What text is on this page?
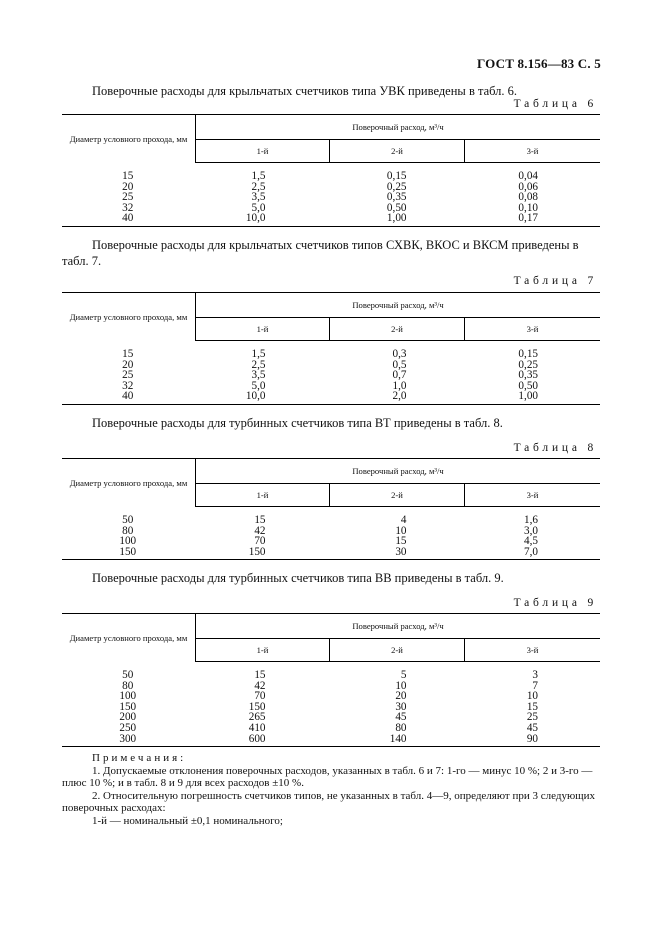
ГОСТ 8.156—83 С. 5
Поверочные расходы для крыльчатых счетчиков типа УВК приведены в табл. 6.
Таблица 6
Диаметр условного прохода, мм	Поверочный расход, м³/ч		
	1-й	2-й	3-й
15	1,5	0,15	0,04
20	2,5	0,25	0,06
25	3,5	0,35	0,08
32	5,0	0,50	0,10
40	10,0	1,00	0,17
Поверочные расходы для крыльчатых счетчиков типов СХВК, ВКОС и ВКСМ приведены в табл. 7.
Таблица 7
Диаметр условного прохода, мм	Поверочный расход, м³/ч		
	1-й	2-й	3-й
15	1,5	0,3	0,15
20	2,5	0,5	0,25
25	3,5	0,7	0,35
32	5,0	1,0	0,50
40	10,0	2,0	1,00
Поверочные расходы для турбинных счетчиков типа ВТ приведены в табл. 8.
Таблица 8
Диаметр условного прохода, мм	Поверочный расход, м³/ч		
	1-й	2-й	3-й
50	15	4	1,6
80	42	10	3,0
100	70	15	4,5
150	150	30	7,0
Поверочные расходы для турбинных счетчиков типа ВВ приведены в табл. 9.
Таблица 9
Диаметр условного прохода, мм	Поверочный расход, м³/ч		
	1-й	2-й	3-й
50	15	5	3
80	42	10	7
100	70	20	10
150	150	30	15
200	265	45	25
250	410	80	45
300	600	140	90

Примечания:

1. Допускаемые отклонения поверочных расходов, указанных в табл. 6 и 7: 1-го — минус 10 %; 2 и 3-го — плюс 10 %; и в табл. 8 и 9 для всех расходов ±10 %.

2. Относительную погрешность счетчиков типов, не указанных в табл. 4—9, определяют при 3 следующих поверочных расходах:

1-й — номинальный ±0,1 номинального;
